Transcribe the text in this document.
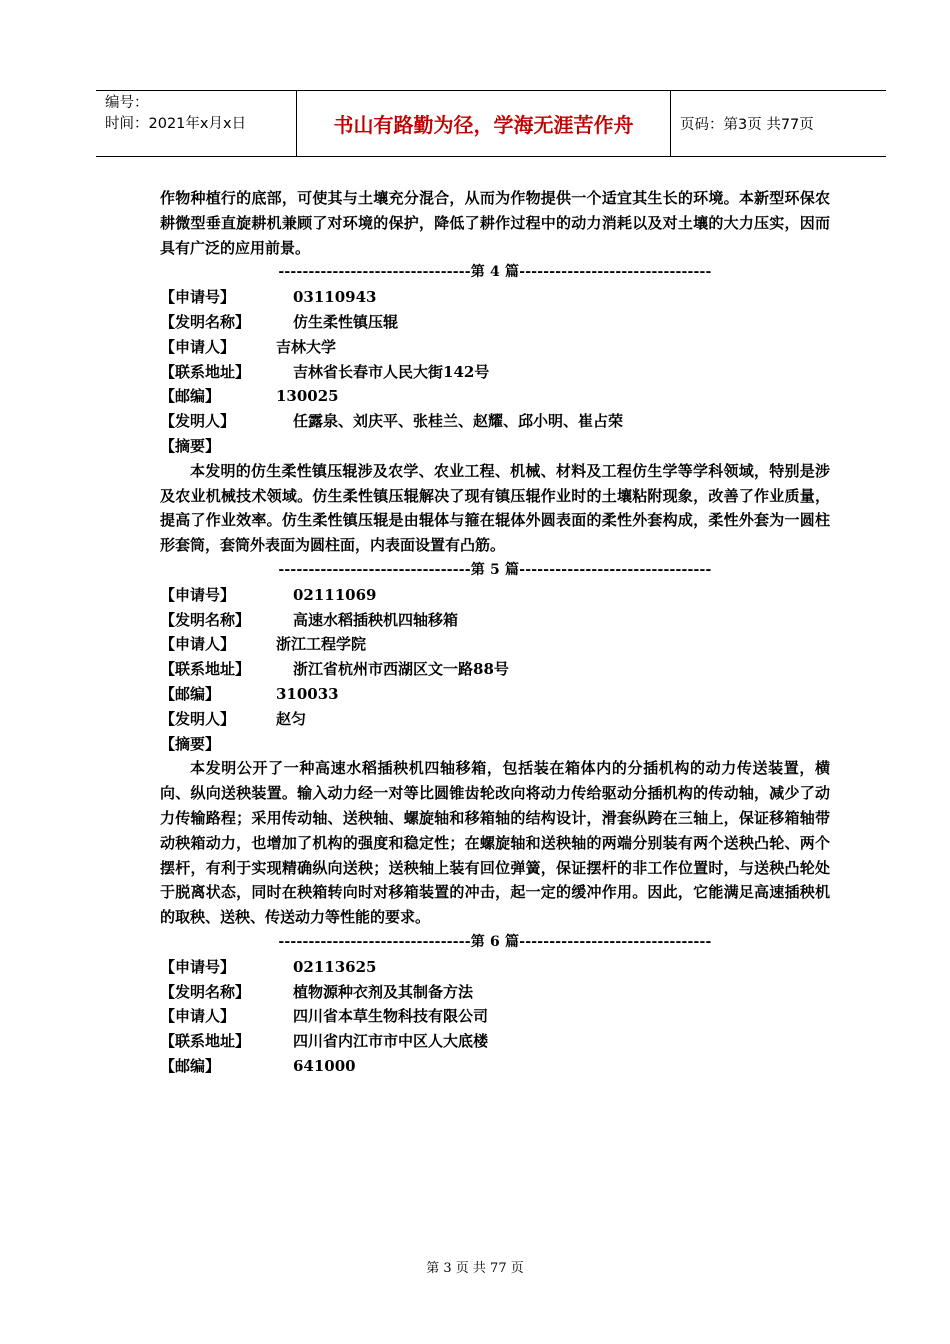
编号：
时间：2021年x月x日	书山有路勤为径，学海无涯苦作舟	页码：第3页 共77页

作物种植行的底部，可使其与土壤充分混合，从而为作物提供一个适宜其生长的环境。本新型环保农耕微型垂直旋耕机兼顾了对环境的保护，降低了耕作过程中的动力消耗以及对土壤的大力压实，因而具有广泛的应用前景。

--------------------------------第 4 篇--------------------------------
【申请号】	03110943
【发明名称】	仿生柔性镇压辊
【申请人】	吉林大学
【联系地址】	吉林省长春市人民大街142号
【邮编】	130025
【发明人】	任露泉、刘庆平、张桂兰、赵耀、邱小明、崔占荣
【摘要】

本发明的仿生柔性镇压辊涉及农学、农业工程、机械、材料及工程仿生学等学科领域，特别是涉及农业机械技术领域。仿生柔性镇压辊解决了现有镇压辊作业时的土壤粘附现象，改善了作业质量，提高了作业效率。仿生柔性镇压辊是由辊体与箍在辊体外圆表面的柔性外套构成，柔性外套为一圆柱形套筒，套筒外表面为圆柱面，内表面设置有凸筋。

--------------------------------第 5 篇--------------------------------
【申请号】	02111069
【发明名称】	高速水稻插秧机四轴移箱
【申请人】	浙江工程学院
【联系地址】	浙江省杭州市西湖区文一路88号
【邮编】	310033
【发明人】	赵匀
【摘要】

本发明公开了一种高速水稻插秧机四轴移箱，包括装在箱体内的分插机构的动力传送装置，横向、纵向送秧装置。输入动力经一对等比圆锥齿轮改向将动力传给驱动分插机构的传动轴，减少了动力传输路程；采用传动轴、送秧轴、螺旋轴和移箱轴的结构设计，滑套纵跨在三轴上，保证移箱轴带动秧箱动力，也增加了机构的强度和稳定性；在螺旋轴和送秧轴的两端分别装有两个送秧凸轮、两个摆杆，有利于实现精确纵向送秧；送秧轴上装有回位弹簧，保证摆杆的非工作位置时，与送秧凸轮处于脱离状态，同时在秧箱转向时对移箱装置的冲击，起一定的缓冲作用。因此，它能满足高速插秧机的取秧、送秧、传送动力等性能的要求。

--------------------------------第 6 篇--------------------------------
【申请号】	02113625
【发明名称】	植物源种衣剂及其制备方法
【申请人】	四川省本草生物科技有限公司
【联系地址】	四川省内江市市中区人大底楼
【邮编】	641000
第 3 页 共 77 页
